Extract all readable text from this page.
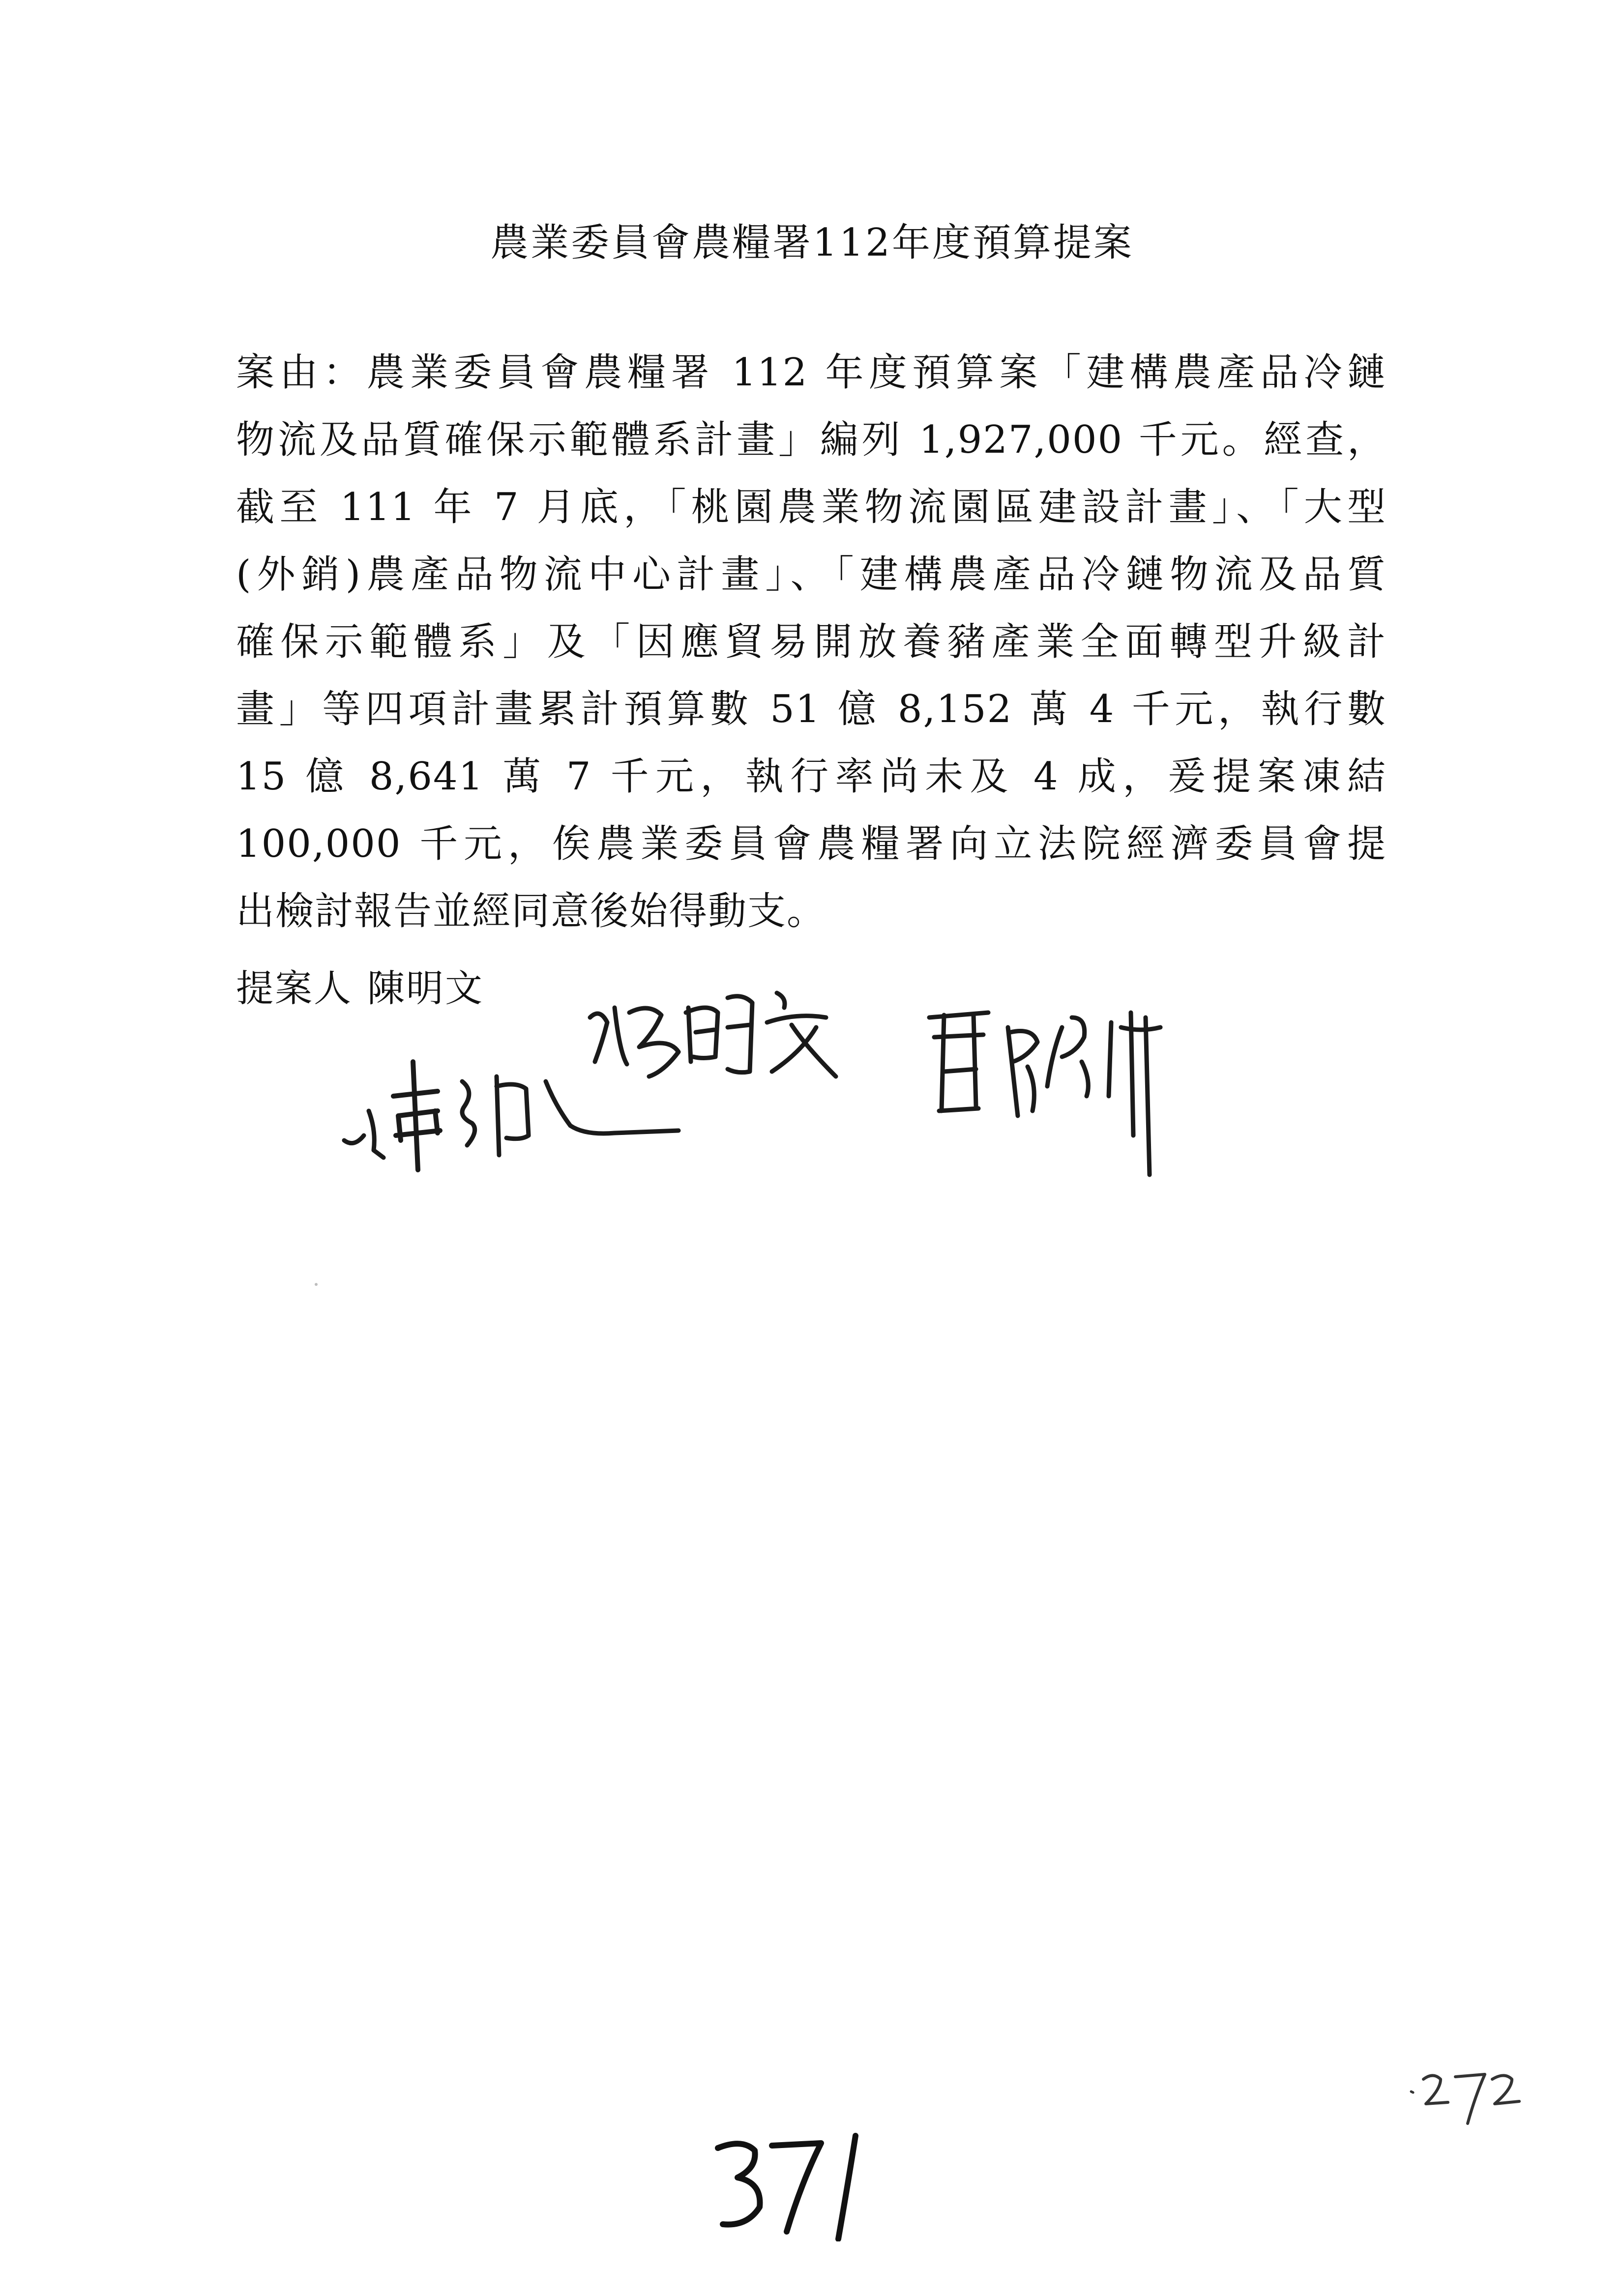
農業委員會農糧署112年度預算提案
案由：農業委員會農糧署 112 年度預算案「建構農產品冷鏈
物流及品質確保示範體系計畫」編列 1,927,000 千元。經查，
截至 111 年 7 月底，「桃園農業物流園區建設計畫」、「大型
(外銷)農產品物流中心計畫」、「建構農產品冷鏈物流及品質
確保示範體系」及「因應貿易開放養豬產業全面轉型升級計
畫」等四項計畫累計預算數 51 億 8,152 萬 4 千元，執行數
15 億 8,641 萬 7 千元，執行率尚未及 4 成，爰提案凍結
100,000 千元，俟農業委員會農糧署向立法院經濟委員會提
出檢討報告並經同意後始得動支。
提案人 陳明文
